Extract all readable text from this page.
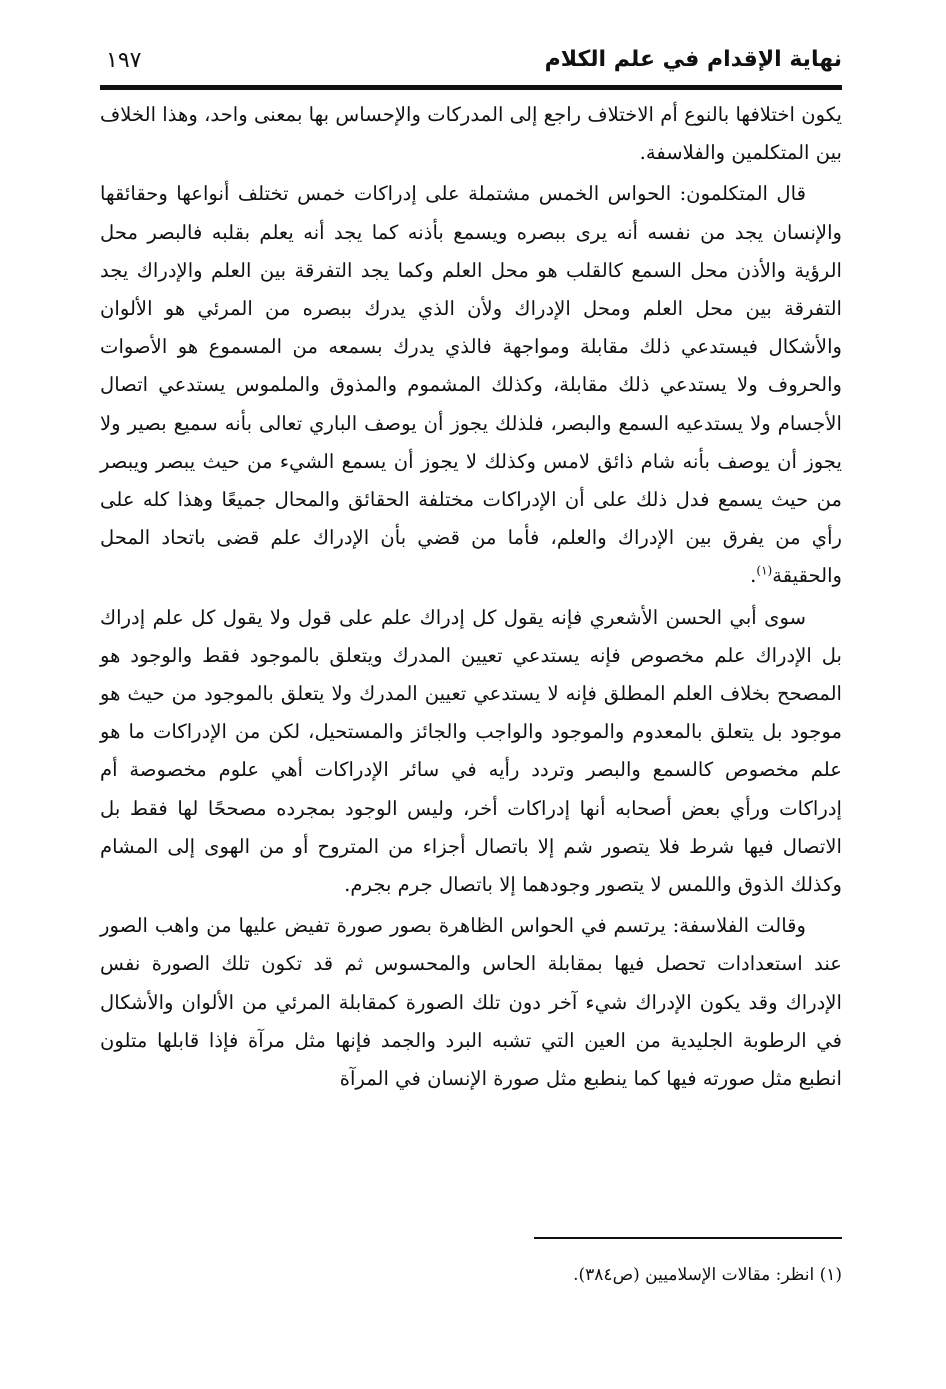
نهاية الإقدام في علم الكلام
١٩٧

يكون اختلافها بالنوع أم الاختلاف راجع إلى المدركات والإحساس بها بمعنى واحد، وهذا الخلاف بين المتكلمين والفلاسفة.

قال المتكلمون: الحواس الخمس مشتملة على إدراكات خمس تختلف أنواعها وحقائقها والإنسان يجد من نفسه أنه يرى ببصره ويسمع بأذنه كما يجد أنه يعلم بقلبه فالبصر محل الرؤية والأذن محل السمع كالقلب هو محل العلم وكما يجد التفرقة بين العلم والإدراك يجد التفرقة بين محل العلم ومحل الإدراك ولأن الذي يدرك ببصره من المرئي هو الألوان والأشكال فيستدعي ذلك مقابلة ومواجهة فالذي يدرك بسمعه من المسموع هو الأصوات والحروف ولا يستدعي ذلك مقابلة، وكذلك المشموم والمذوق والملموس يستدعي اتصال الأجسام ولا يستدعيه السمع والبصر، فلذلك يجوز أن يوصف الباري تعالى بأنه سميع بصير ولا يجوز أن يوصف بأنه شام ذائق لامس وكذلك لا يجوز أن يسمع الشيء من حيث يبصر ويبصر من حيث يسمع فدل ذلك على أن الإدراكات مختلفة الحقائق والمحال جميعًا وهذا كله على رأي من يفرق بين الإدراك والعلم، فأما من قضي بأن الإدراك علم قضى باتحاد المحل والحقيقة$^{(١)}$.

سوى أبي الحسن الأشعري فإنه يقول كل إدراك علم على قول ولا يقول كل علم إدراك بل الإدراك علم مخصوص فإنه يستدعي تعيين المدرك ويتعلق بالموجود فقط والوجود هو المصحح بخلاف العلم المطلق فإنه لا يستدعي تعيين المدرك ولا يتعلق بالموجود من حيث هو موجود بل يتعلق بالمعدوم والموجود والواجب والجائز والمستحيل، لكن من الإدراكات ما هو علم مخصوص كالسمع والبصر وتردد رأيه في سائر الإدراكات أهي علوم مخصوصة أم إدراكات ورأي بعض أصحابه أنها إدراكات أخر، وليس الوجود بمجرده مصححًا لها فقط بل الاتصال فيها شرط فلا يتصور شم إلا باتصال أجزاء من المتروح أو من الهوى إلى المشام وكذلك الذوق واللمس لا يتصور وجودهما إلا باتصال جرم بجرم.

وقالت الفلاسفة: يرتسم في الحواس الظاهرة بصور صورة تفيض عليها من واهب الصور عند استعدادات تحصل فيها بمقابلة الحاس والمحسوس ثم قد تكون تلك الصورة نفس الإدراك وقد يكون الإدراك شيء آخر دون تلك الصورة كمقابلة المرئي من الألوان والأشكال في الرطوبة الجليدية من العين التي تشبه البرد والجمد فإنها مثل مرآة فإذا قابلها متلون انطبع مثل صورته فيها كما ينطبع مثل صورة الإنسان في المرآة

(١) انظر: مقالات الإسلاميين (ص٣٨٤).
